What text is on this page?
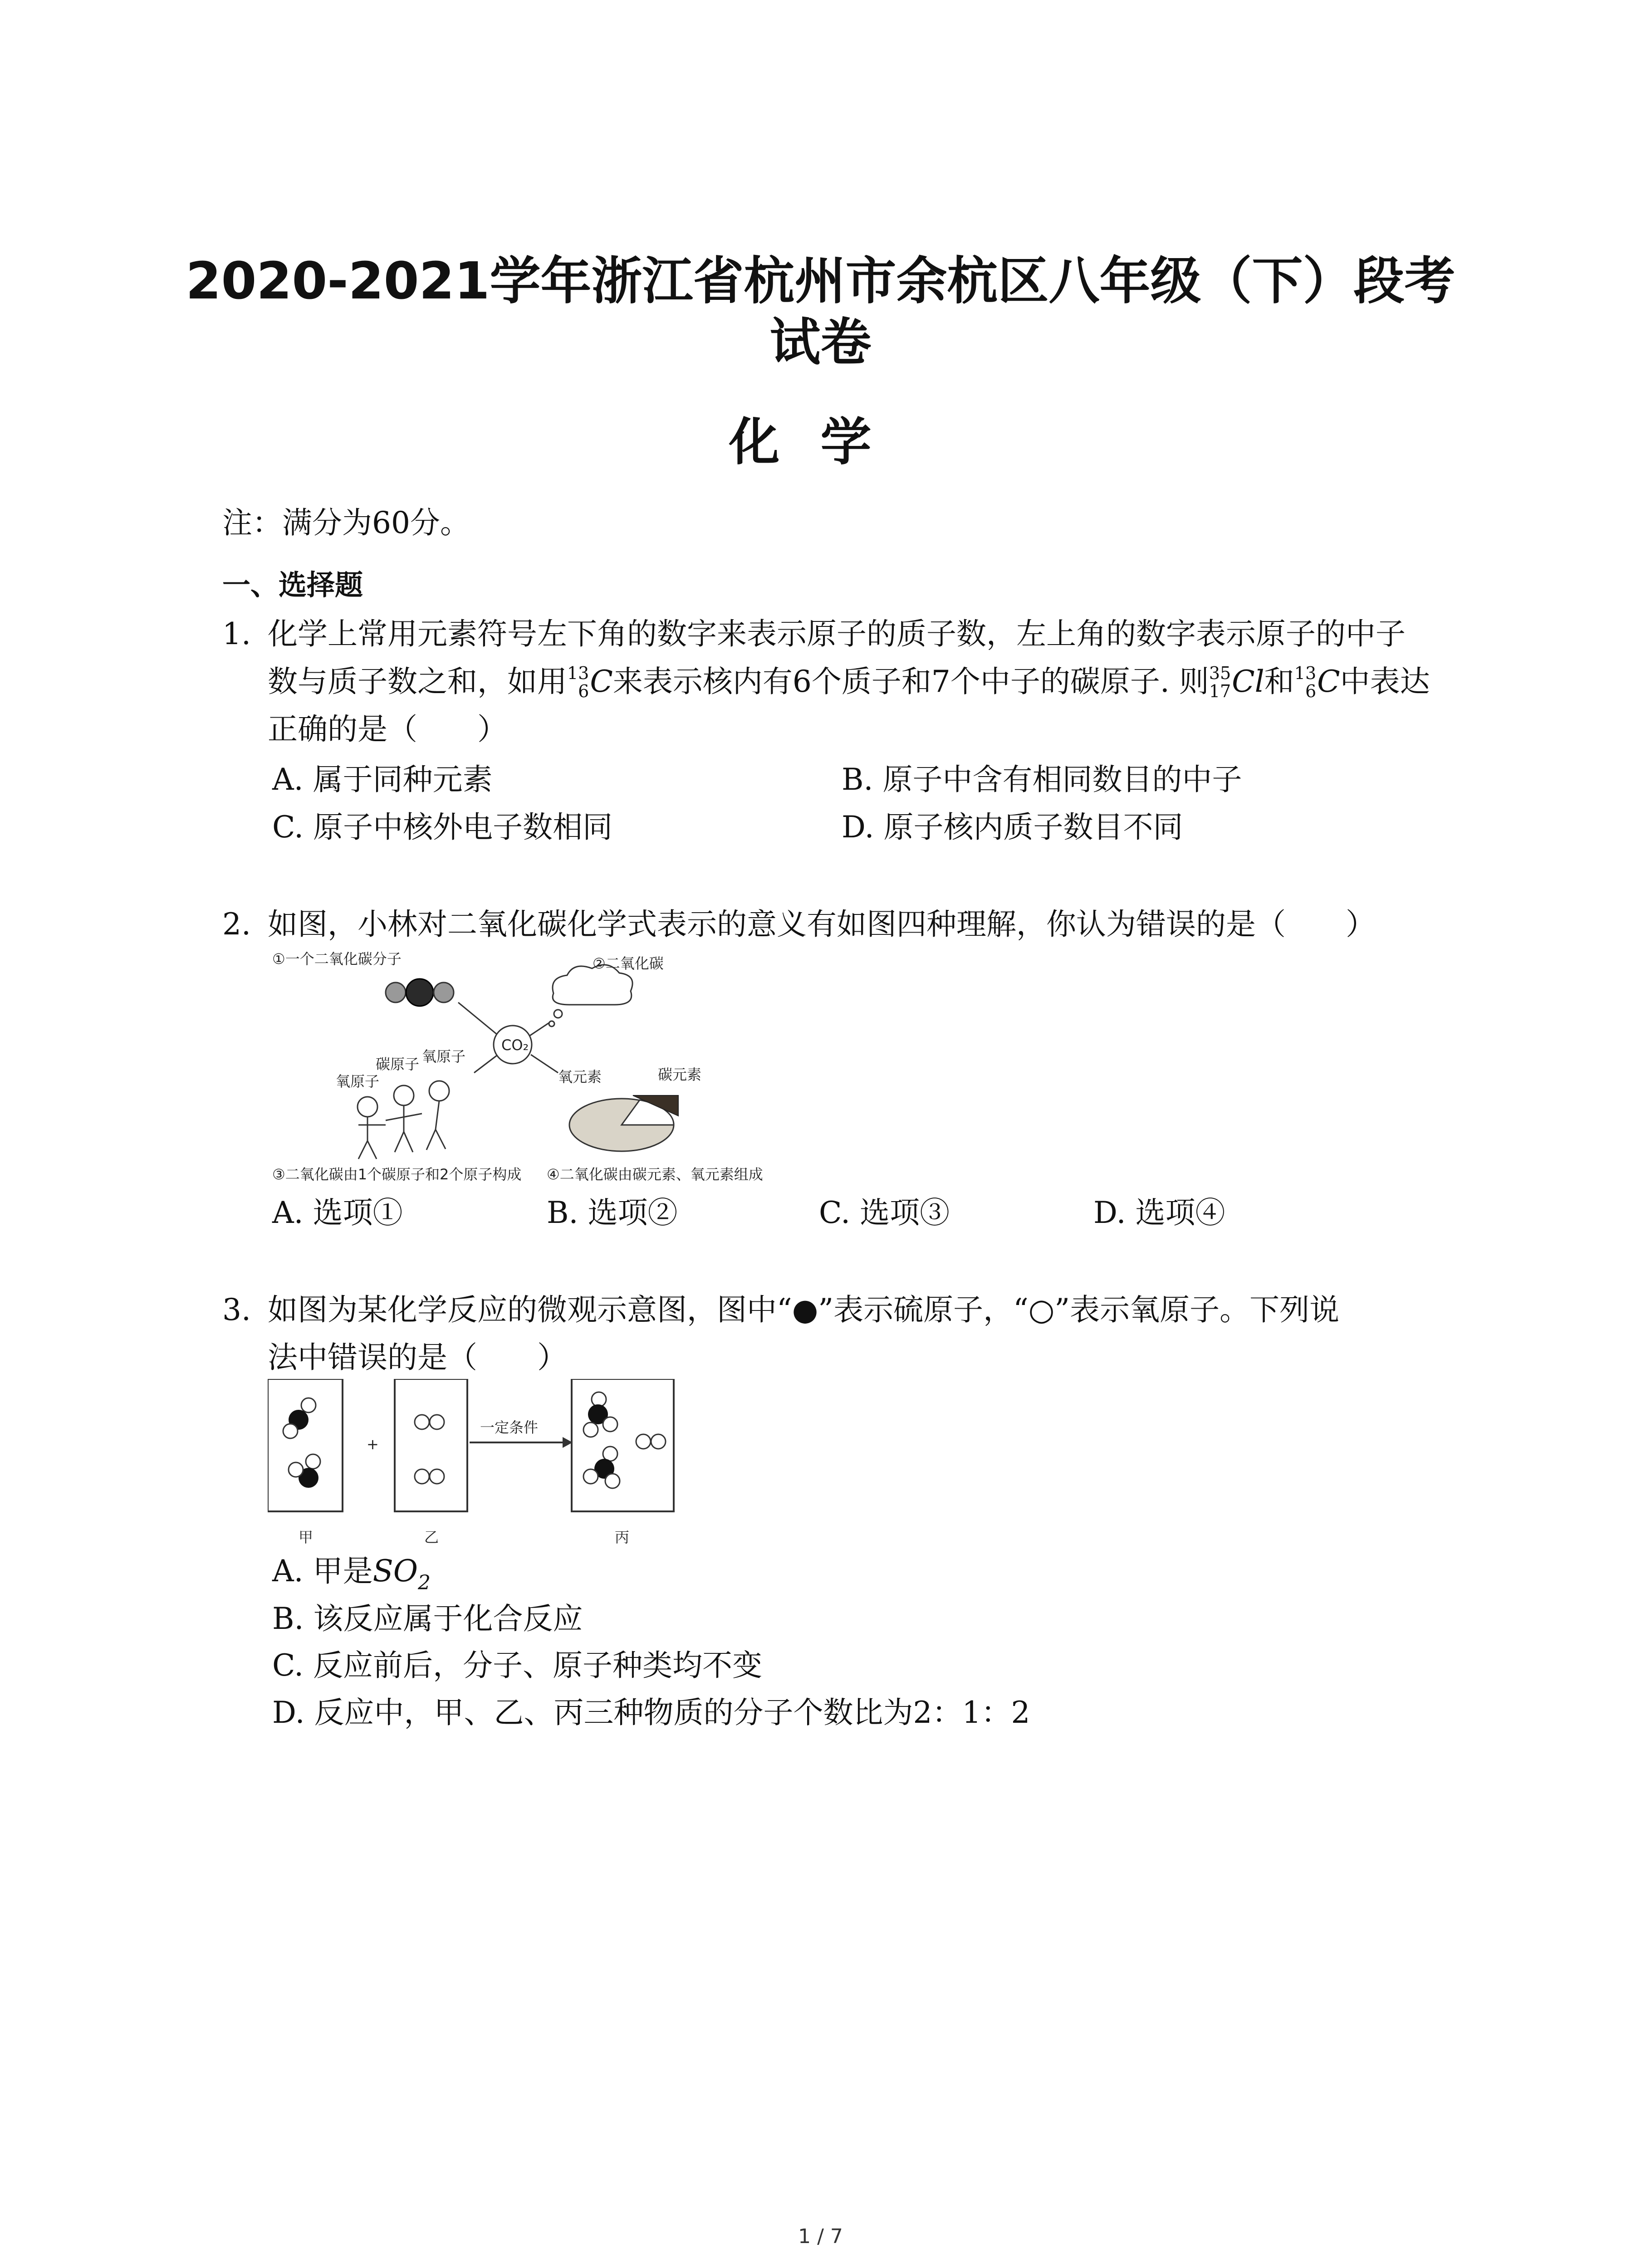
2020-2021学年浙江省杭州市余杭区八年级（下）段考
试卷
化学
注：满分为60分。
一、选择题
1. 化学上常用元素符号左下角的数字来表示原子的质子数，左上角的数字表示原子的中子
数与质子数之和，如用 13
6 C来表示核内有6个质子和7个中子的碳原子. 则 35
17 Cl和 13
6 C中表达
正确的是（　　）
A. 属于同种元素	B. 原子中含有相同数目的中子
C. 原子中核外电子数相同	D. 原子核内质子数目不同
2. 如图，小林对二氧化碳化学式表示的意义有如图四种理解，你认为错误的是（　　）
①一个二氧化碳分子	②二氧化碳
CO₂
氧原子
碳原子 氧原子
氧元素	碳元素
③二氧化碳由1个碳原子和2个原子构成 ④二氧化碳由碳元素、氧元素组成
A. 选项①	B. 选项②	C. 选项③	D. 选项④
3. 如图为某化学反应的微观示意图，图中“●”表示硫原子，“○”表示氧原子。下列说
法中错误的是（　　）
+
一定条件
甲	乙	丙
A. 甲是$SO_2$
B. 该反应属于化合反应
C. 反应前后，分子、原子种类均不变
D. 反应中，甲、乙、丙三种物质的分子个数比为2：1：2
1 / 7
